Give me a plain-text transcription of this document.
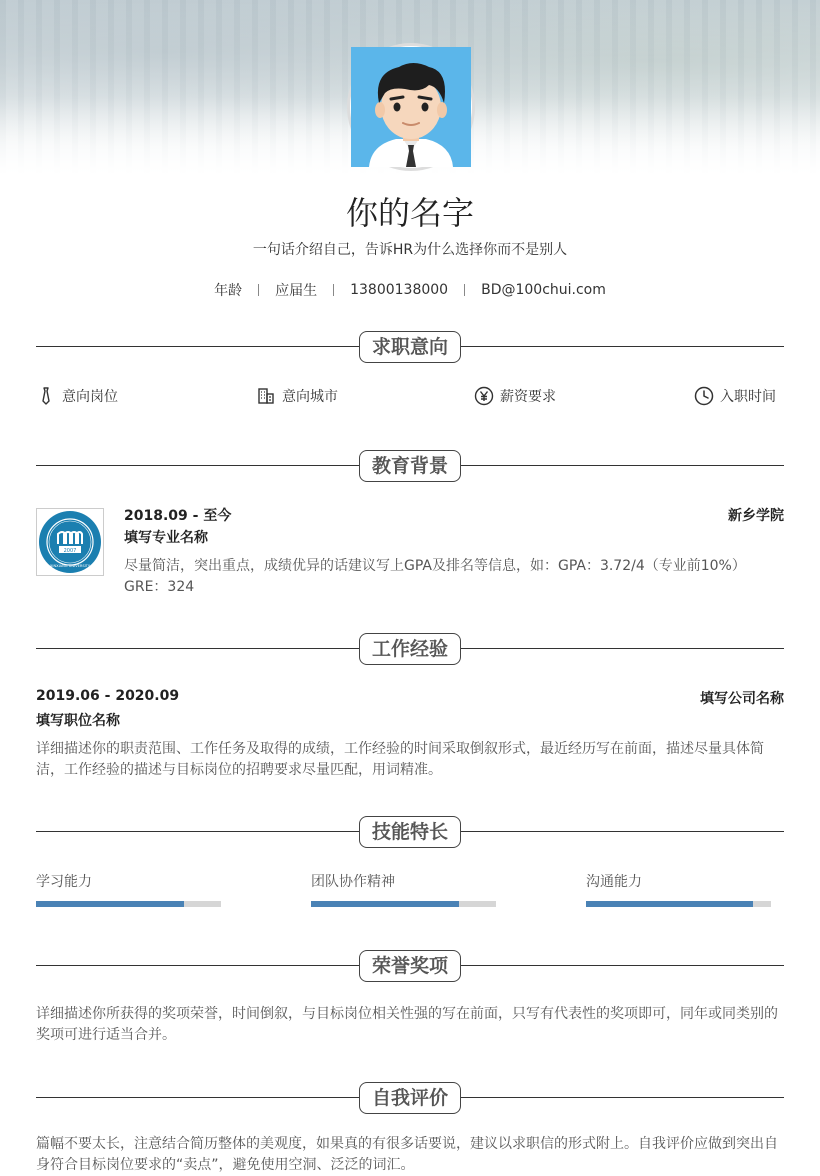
你的名字
一句话介绍自己，告诉HR为什么选择你而不是别人
年龄	应届生	13800138000	BD@100chui.com
求职意向
意向岗位	意向城市	薪资要求	入职时间
教育背景
2007
XINXIANG UNIVERSITY
2018.09 - 至今	新乡学院
填写专业名称
尽量简洁，突出重点，成绩优异的话建议写上GPA及排名等信息，如：GPA：3.72/4（专业前10%） GRE：324
工作经验
2019.06 - 2020.09	填写公司名称
填写职位名称
详细描述你的职责范围、工作任务及取得的成绩，工作经验的时间采取倒叙形式，最近经历写在前面，描述尽量具体简洁，工作经验的描述与目标岗位的招聘要求尽量匹配，用词精准。
技能特长
学习能力	团队协作精神	沟通能力
荣誉奖项
详细描述你所获得的奖项荣誉，时间倒叙，与目标岗位相关性强的写在前面，只写有代表性的奖项即可，同年或同类别的奖项可进行适当合并。
自我评价
篇幅不要太长，注意结合简历整体的美观度，如果真的有很多话要说，建议以求职信的形式附上。自我评价应做到突出自身符合目标岗位要求的“卖点”，避免使用空洞、泛泛的词汇。
